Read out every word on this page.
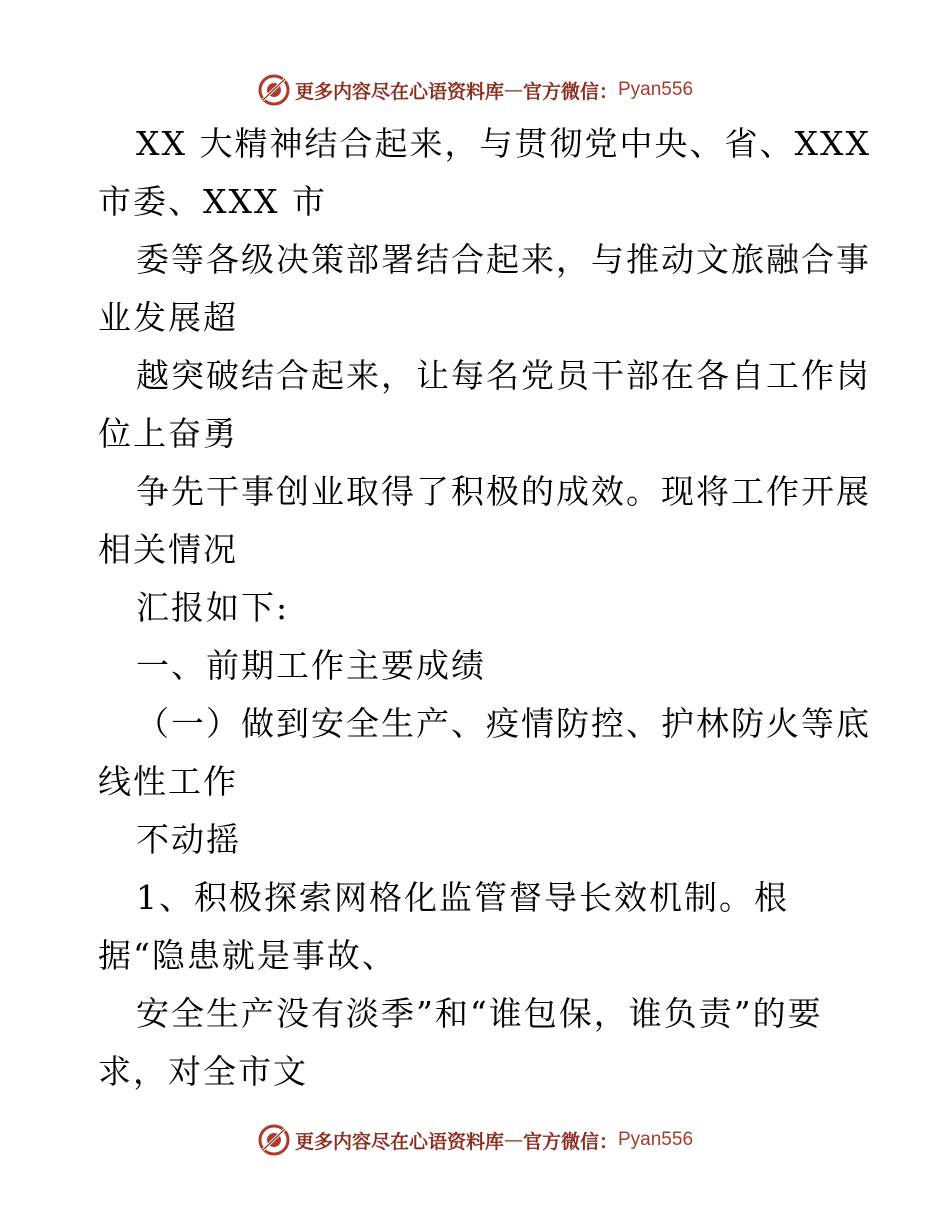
更多内容尽在心语资料库 — 官方微信： Pyan556
XX 大精神结合起来，与贯彻党中央、省、XXX
市委、XXX 市
委等各级决策部署结合起来，与推动文旅融合事
业发展超
越突破结合起来，让每名党员干部在各自工作岗
位上奋勇
争先干事创业取得了积极的成效。现将工作开展
相关情况
汇报如下:
一、前期工作主要成绩
（一）做到安全生产、疫情防控、护林防火等底
线性工作
不动摇
1、积极探索网格化监管督导长效机制。根
据“隐患就是事故、
安全生产没有淡季”和“谁包保，谁负责”的要
求，对全市文
更多内容尽在心语资料库 — 官方微信： Pyan556
